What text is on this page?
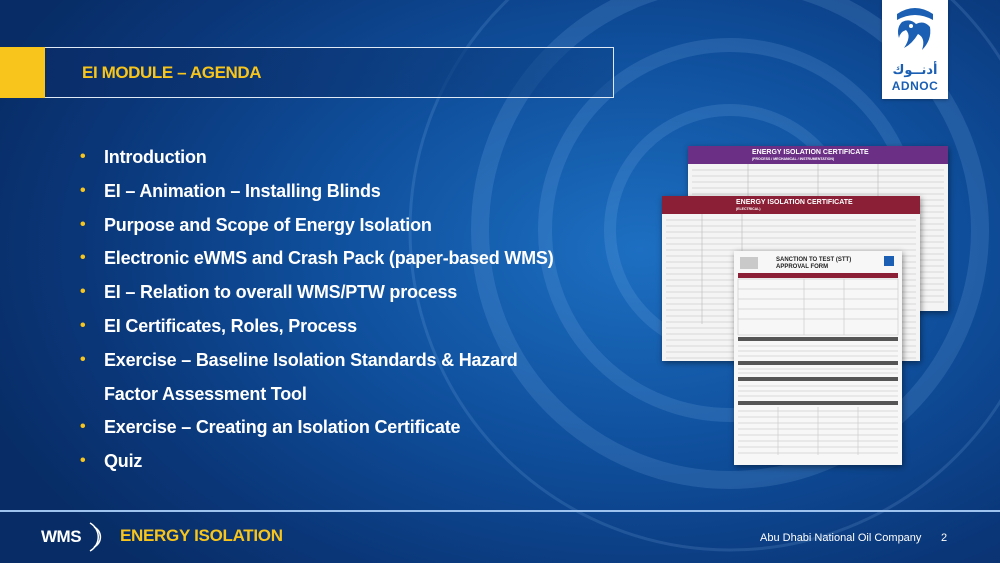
EI MODULE – AGENDA	أدنــوك
ADNOC
• Introduction
• EI – Animation – Installing Blinds
• Purpose and Scope of Energy Isolation
• Electronic eWMS and Crash Pack (paper-based WMS)
• EI – Relation to overall WMS/PTW process
• EI Certificates, Roles, Process
• Exercise – Baseline Isolation Standards & Hazard
Factor Assessment Tool
• Exercise – Creating an Isolation Certificate
• Quiz
ENERGY ISOLATION CERTIFICATE
(PROCESS / MECHANICAL / INSTRUMENTATION)
ENERGY ISOLATION CERTIFICATE
(ELECTRICAL)
SANCTION TO TEST (STT)
APPROVAL FORM
WMS ENERGY ISOLATION	Abu Dhabi National Oil Company 2
